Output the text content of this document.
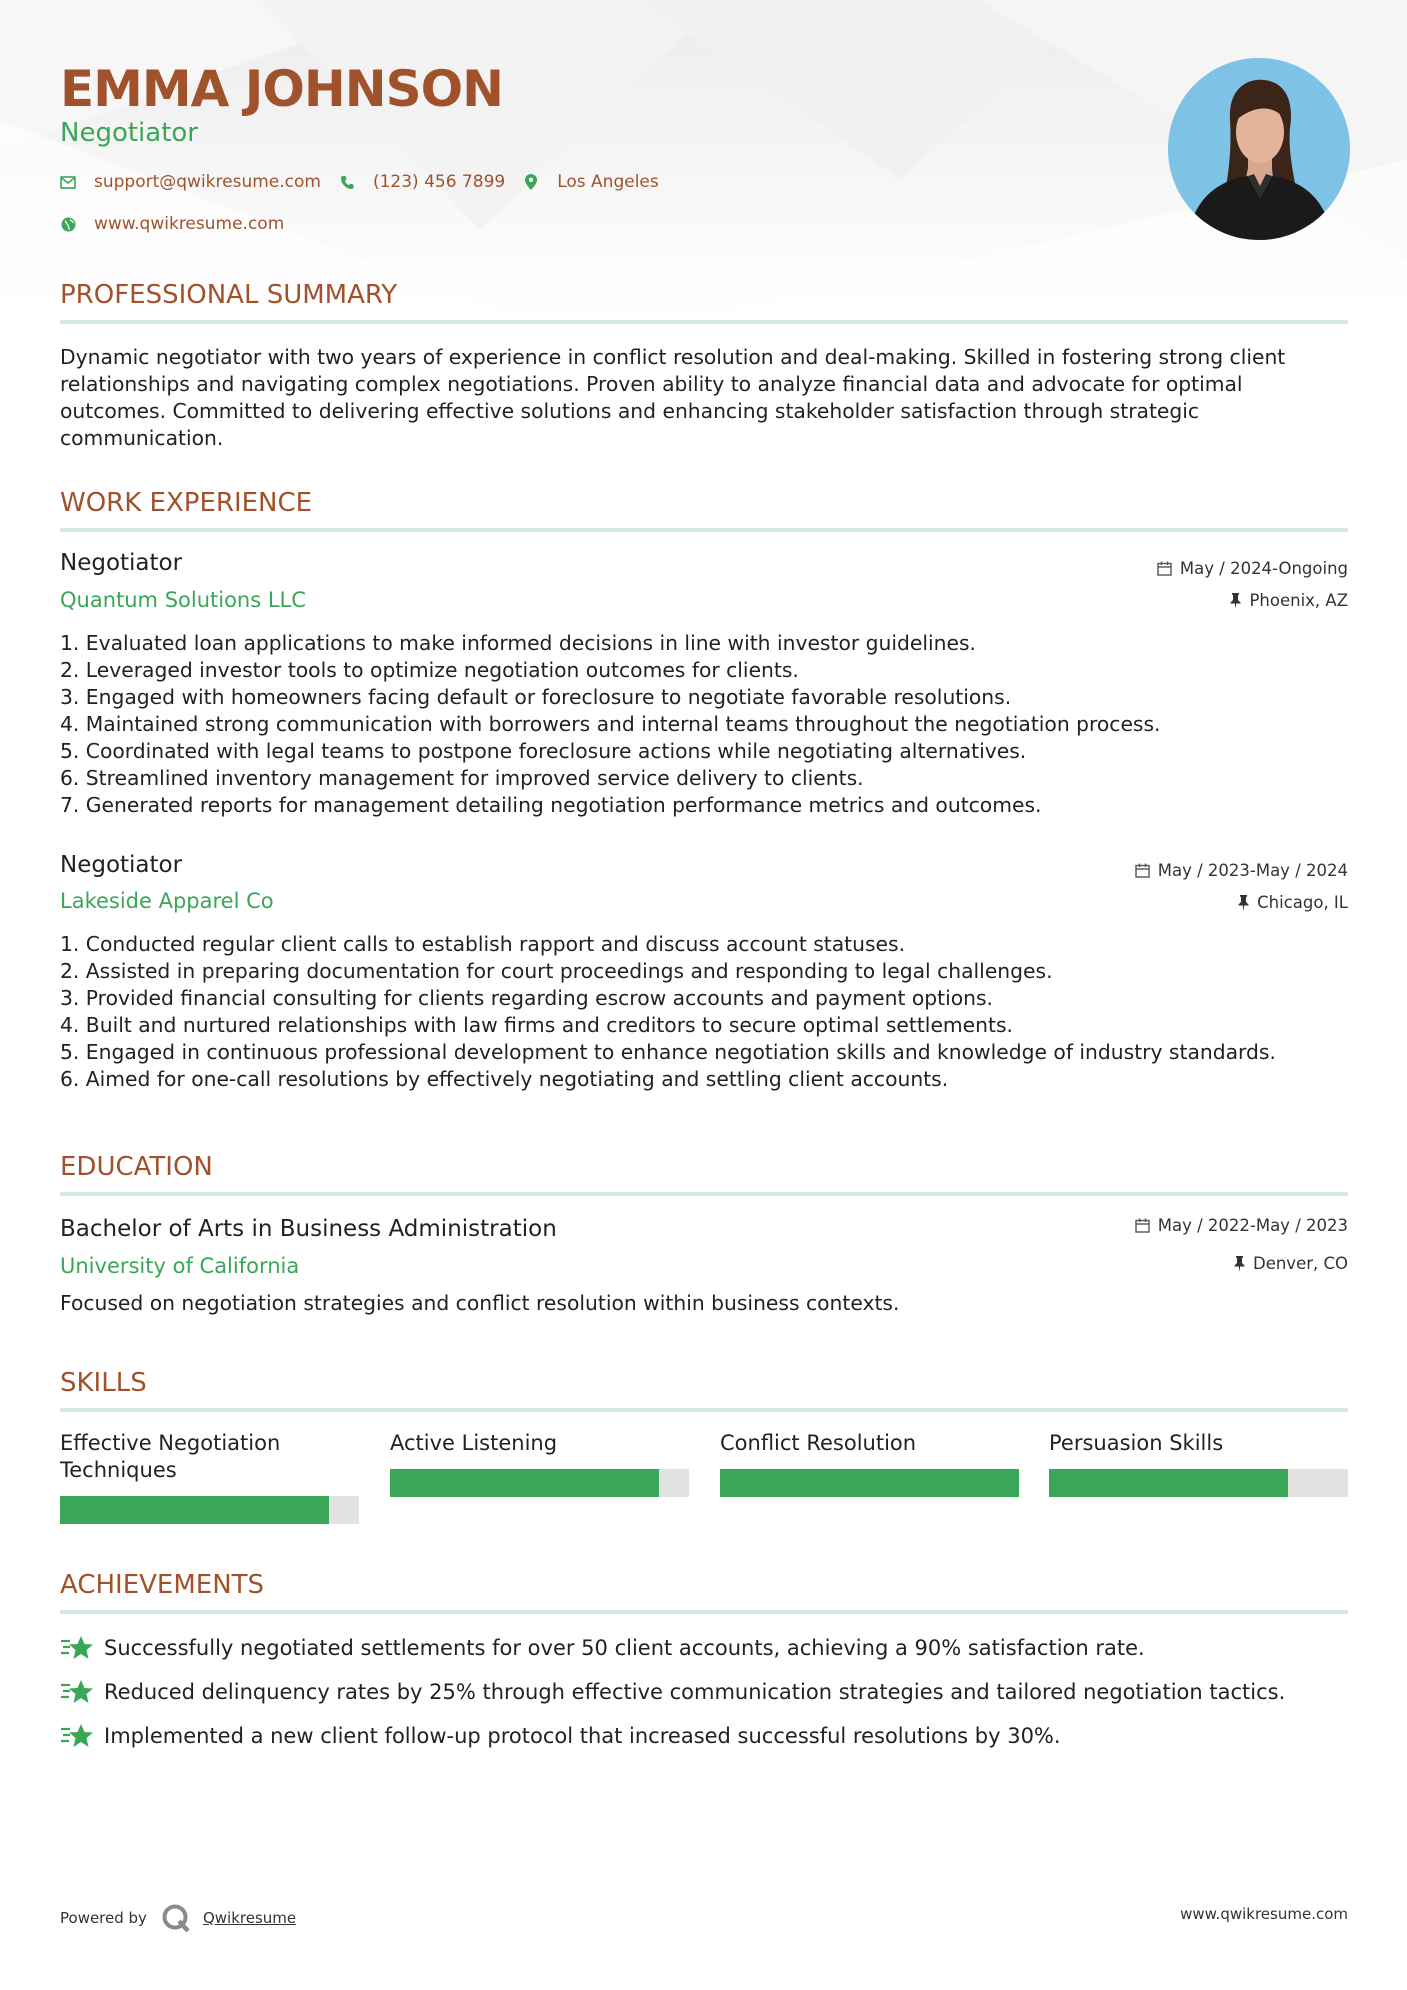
EMMA JOHNSON
Negotiator
support@qwikresume.com	(123) 456 7899	Los Angeles
www.qwikresume.com
PROFESSIONAL SUMMARY

Dynamic negotiator with two years of experience in conflict resolution and deal-making. Skilled in fostering strong client relationships and navigating complex negotiations. Proven ability to analyze financial data and advocate for optimal outcomes. Committed to delivering effective solutions and enhancing stakeholder satisfaction through strategic communication.

WORK EXPERIENCE
Negotiator
Quantum Solutions LLC
May / 2024-Ongoing
Phoenix, AZ
1. Evaluated loan applications to make informed decisions in line with investor guidelines.
2. Leveraged investor tools to optimize negotiation outcomes for clients.
3. Engaged with homeowners facing default or foreclosure to negotiate favorable resolutions.
4. Maintained strong communication with borrowers and internal teams throughout the negotiation process.
5. Coordinated with legal teams to postpone foreclosure actions while negotiating alternatives.
6. Streamlined inventory management for improved service delivery to clients.
7. Generated reports for management detailing negotiation performance metrics and outcomes.
Negotiator
Lakeside Apparel Co
May / 2023-May / 2024
Chicago, IL
1. Conducted regular client calls to establish rapport and discuss account statuses.
2. Assisted in preparing documentation for court proceedings and responding to legal challenges.
3. Provided financial consulting for clients regarding escrow accounts and payment options.
4. Built and nurtured relationships with law firms and creditors to secure optimal settlements.
5. Engaged in continuous professional development to enhance negotiation skills and knowledge of industry standards.
6. Aimed for one-call resolutions by effectively negotiating and settling client accounts.
EDUCATION
Bachelor of Arts in Business Administration
University of California
May / 2022-May / 2023
Denver, CO

Focused on negotiation strategies and conflict resolution within business contexts.

SKILLS
Effective Negotiation Techniques
Active Listening	Conflict Resolution	Persuasion Skills
ACHIEVEMENTS
Successfully negotiated settlements for over 50 client accounts, achieving a 90% satisfaction rate.
Reduced delinquency rates by 25% through effective communication strategies and tailored negotiation tactics.
Implemented a new client follow-up protocol that increased successful resolutions by 30%.
Powered by	Qwikresume	www.qwikresume.com
